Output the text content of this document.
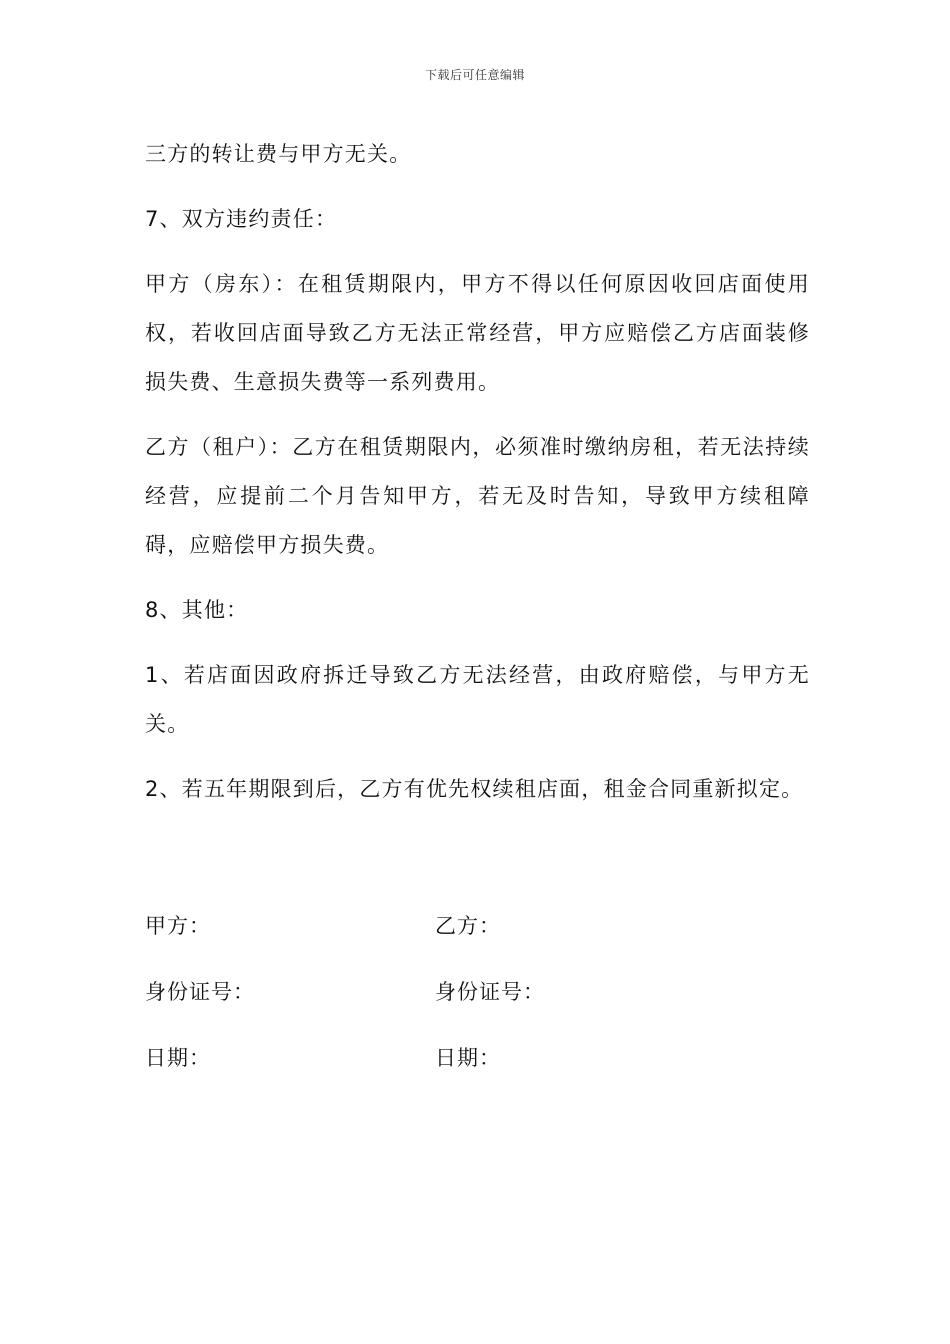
下载后可任意编辑

三方的转让费与甲方无关。

7、双方违约责任：

甲方（房东）：在租赁期限内，甲方不得以任何原因收回店面使用权，若收回店面导致乙方无法正常经营，甲方应赔偿乙方店面装修损失费、生意损失费等一系列费用。

乙方（租户）：乙方在租赁期限内，必须准时缴纳房租，若无法持续经营，应提前二个月告知甲方，若无及时告知，导致甲方续租障碍，应赔偿甲方损失费。

8、其他：

1、若店面因政府拆迁导致乙方无法经营，由政府赔偿，与甲方无关。

2、若五年期限到后，乙方有优先权续租店面，租金合同重新拟定。

甲方：	乙方：
身份证号：	身份证号：
日期：	日期：
